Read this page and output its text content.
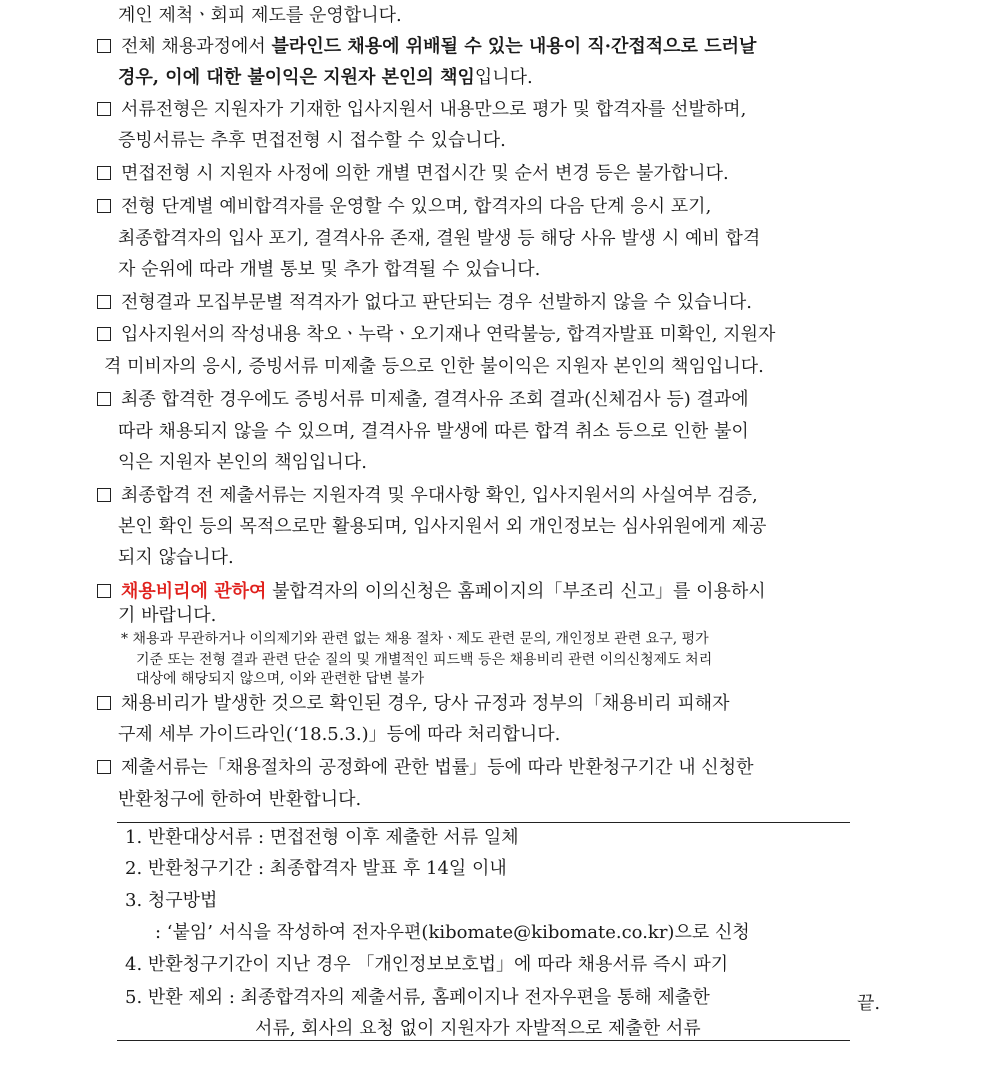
계인 제척ㆍ회피 제도를 운영합니다.
전체 채용과정에서 블라인드 채용에 위배될 수 있는 내용이 직·간접적으로 드러날
경우, 이에 대한 불이익은 지원자 본인의 책임입니다.
서류전형은 지원자가 기재한 입사지원서 내용만으로 평가 및 합격자를 선발하며,
증빙서류는 추후 면접전형 시 접수할 수 있습니다.
면접전형 시 지원자 사정에 의한 개별 면접시간 및 순서 변경 등은 불가합니다.
전형 단계별 예비합격자를 운영할 수 있으며, 합격자의 다음 단계 응시 포기,
최종합격자의 입사 포기, 결격사유 존재, 결원 발생 등 해당 사유 발생 시 예비 합격
자 순위에 따라 개별 통보 및 추가 합격될 수 있습니다.
전형결과 모집부문별 적격자가 없다고 판단되는 경우 선발하지 않을 수 있습니다.
입사지원서의 작성내용 착오ㆍ누락ㆍ오기재나 연락불능, 합격자발표 미확인, 지원자
격 미비자의 응시, 증빙서류 미제출 등으로 인한 불이익은 지원자 본인의 책임입니다.
최종 합격한 경우에도 증빙서류 미제출, 결격사유 조회 결과(신체검사 등) 결과에
따라 채용되지 않을 수 있으며, 결격사유 발생에 따른 합격 취소 등으로 인한 불이
익은 지원자 본인의 책임입니다.
최종합격 전 제출서류는 지원자격 및 우대사항 확인, 입사지원서의 사실여부 검증,
본인 확인 등의 목적으로만 활용되며, 입사지원서 외 개인정보는 심사위원에게 제공
되지 않습니다.
채용비리에 관하여 불합격자의 이의신청은 홈페이지의「부조리 신고」를 이용하시
기 바랍니다.
* 채용과 무관하거나 이의제기와 관련 없는 채용 절차ㆍ제도 관련 문의, 개인정보 관련 요구, 평가
기준 또는 전형 결과 관련 단순 질의 및 개별적인 피드백 등은 채용비리 관련 이의신청제도 처리
대상에 해당되지 않으며, 이와 관련한 답변 불가
채용비리가 발생한 것으로 확인된 경우, 당사 규정과 정부의「채용비리 피해자
구제 세부 가이드라인(‘18.5.3.)」등에 따라 처리합니다.
제출서류는「채용절차의 공정화에 관한 법률」등에 따라 반환청구기간 내 신청한
반환청구에 한하여 반환합니다.
1. 반환대상서류 : 면접전형 이후 제출한 서류 일체
2. 반환청구기간 : 최종합격자 발표 후 14일 이내
3. 청구방법
: ‘붙임’ 서식을 작성하여 전자우편(kibomate@kibomate.co.kr)으로 신청
4. 반환청구기간이 지난 경우 「개인정보보호법」에 따라 채용서류 즉시 파기
5. 반환 제외 : 최종합격자의 제출서류, 홈페이지나 전자우편을 통해 제출한
서류, 회사의 요청 없이 지원자가 자발적으로 제출한 서류
끝.
